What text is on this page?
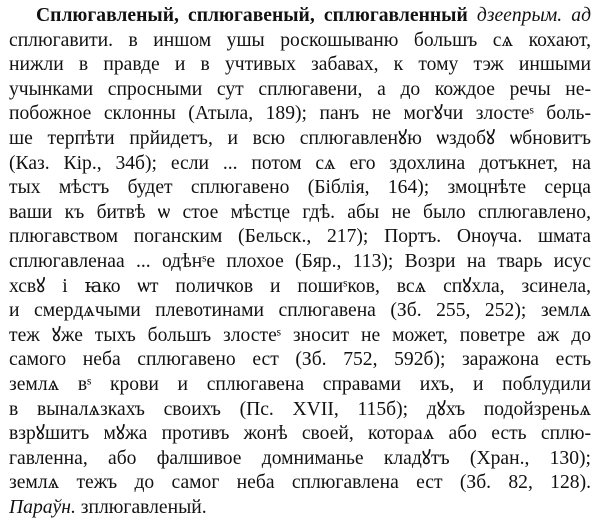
Сплюгавленый, сплюгавеный, сплюгавленный дзеепрым. ад
сплюгавити. в иншом ушы роскошываню большъ сѧ кохают,
нижли в правде и в учтивых забавах, к тому тэж иншыми
учынками спросными сут сплюгавени, а до кождое речы не-
побожное склонны (Атыла, 189); панъ не могꙋчи злостеˢ боль-
ше терпѣти прйидетъ, и всю сплюгавленꙋю ѡздобꙋ ѡбновитъ
(Каз. Кір., 34б); если ... потом сѧ его здохлина дотъкнет, на
тых мѣстъ будет сплюгавено (Біблія, 164); змоцнѣте серца
ваши къ битвѣ ѡ стое мѣстце гдѣ. абы не было сплюгавлено,
плюгавством поганским (Бельск., 217); Портъ. Онѹча. шмата
сплюгавленаа ... одѣнˢе плохое (Бяр., 113); Возри на тварь исус
хсвꙋ і ꙗко ѡт поличков и пошиˢков, всѧ спꙋхла, зсинела,
и смердѧчыми плевотинами сплюгавена (Зб. 255, 252); землѧ
теж ꙋже тыхъ большъ злостеˢ зносит не может, поветре аж до
самого неба сплюгавено ест (Зб. 752, 592б); заражона есть
землѧ вˢ крови и сплюгавена справами ихъ, и поблудили
в выналѧзкахъ своихъ (Пс. XVII, 115б); дꙋхъ подойзреньѧ
взрꙋшитъ мꙋжа противъ жонѣ своей, котораѧ або есть сплю-
гавленна, або фалшивое домниманье кладꙋтъ (Хран., 130);
землѧ тежъ до самог неба сплюгавлена ест (Зб. 82, 128).
Параўн. зплюгавленый.
